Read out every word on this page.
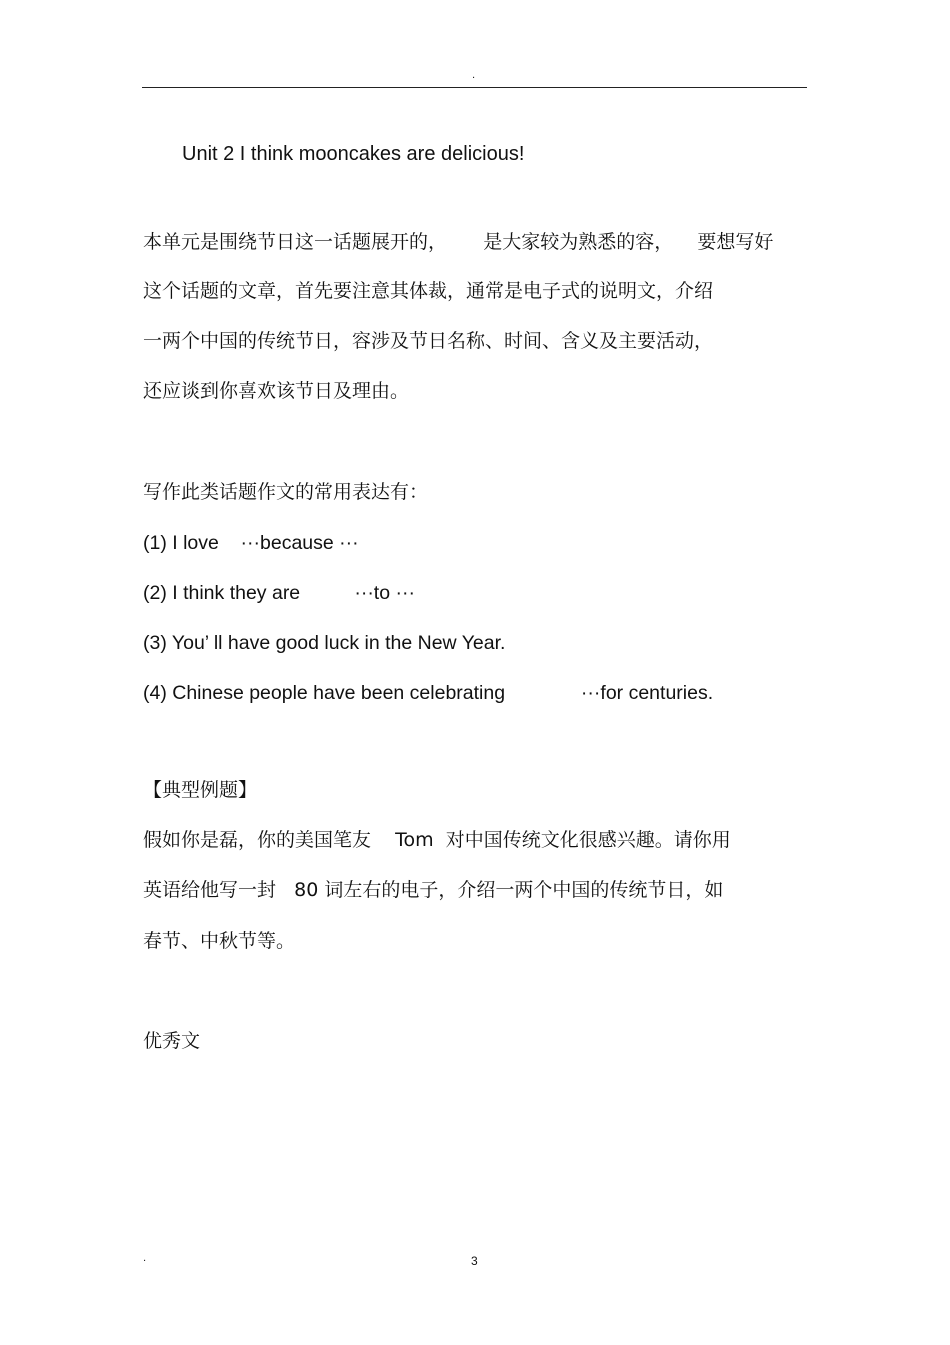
.
Unit 2 I think mooncakes are delicious!
本单元是围绕节日这一话题展开的，      是大家较为熟悉的容，    要想写好
这个话题的文章，首先要注意其体裁，通常是电子式的说明文，介绍
一两个中国的传统节日，容涉及节日名称、时间、含义及主要活动，
还应谈到你喜欢该节日及理由。
写作此类话题作文的常用表达有：
(1) I love    ···because ···
(2) I think they are          ···to ···
(3) You’ ll have good luck in the New Year.
(4) Chinese people have been celebrating              ···for centuries.
【典型例题】
假如你是磊，你的美国笔友    Tom  对中国传统文化很感兴趣。请你用
英语给他写一封   80 词左右的电子，介绍一两个中国的传统节日，如
春节、中秋节等。
优秀文
.	3
